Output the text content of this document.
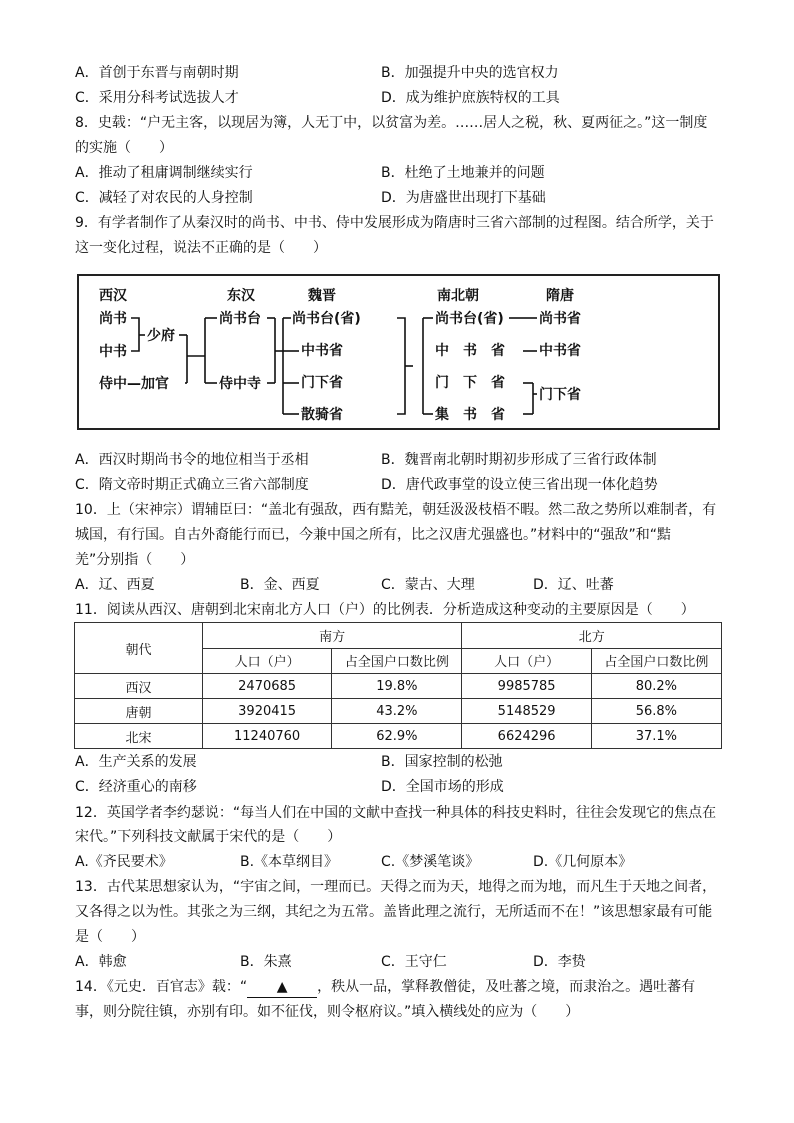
A．首创于东晋与南朝时期	B．加强提升中央的选官权力
C．采用分科考试选拔人才	D．成为维护庶族特权的工具
8．史载：“户无主客，以现居为簿，人无丁中，以贫富为差。……居人之税，秋、夏两征之。”这一制度
的实施（　　）
A．推动了租庸调制继续实行	B．杜绝了土地兼并的问题
C．减轻了对农民的人身控制	D．为唐盛世出现打下基础
9．有学者制作了从秦汉时的尚书、中书、侍中发展形成为隋唐时三省六部制的过程图。结合所学，关于
这一变化过程，说法不正确的是（　　）
西汉	东汉	魏晋	南北朝	隋唐
尚书
中书
侍中—加官
少府
尚书台
侍中寺
尚书台(省)
中书省
门下省
散骑省
尚书台(省)
中　书　省
门　下　省
集　书　省
尚书省
中书省
门下省
A．西汉时期尚书令的地位相当于丞相	B．魏晋南北朝时期初步形成了三省行政体制
C．隋文帝时期正式确立三省六部制度	D．唐代政事堂的设立使三省出现一体化趋势
10．上（宋神宗）谓辅臣曰：“盖北有强敌，西有黠羌，朝廷汲汲枝梧不暇。然二敌之势所以难制者，有
城国，有行国。自古外裔能行而已，今兼中国之所有，比之汉唐尤强盛也。”材料中的“强敌”和“黠
羌”分别指（　　）
A．辽、西夏	B．金、西夏	C．蒙古、大理	D．辽、吐蕃
11．阅读从西汉、唐朝到北宋南北方人口（户）的比例表．分析造成这种变动的主要原因是（　　）
朝代	南方		北方	
	人口（户）	占全国户口数比例	人口（户）	占全国户口数比例
西汉	2470685	19.8%	9985785	80.2%
唐朝	3920415	43.2%	5148529	56.8%
北宋	11240760	62.9%	6624296	37.1%
A．生产关系的发展	B．国家控制的松弛
C．经济重心的南移	D．全国市场的形成
12．英国学者李约瑟说：“每当人们在中国的文献中查找一种具体的科技史料时，往往会发现它的焦点在
宋代。”下列科技文献属于宋代的是（　　）
A.《齐民要术》	B.《本草纲目》	C.《梦溪笔谈》	D.《几何原本》
13．古代某思想家认为，“宇宙之间，一理而已。天得之而为天，地得之而为地，而凡生于天地之间者，
又各得之以为性。其张之为三纲，其纪之为五常。盖皆此理之流行，无所适而不在！”该思想家最有可能
是（　　）
A．韩愈	B．朱熹	C．王守仁	D．李贽
14．《元史．百官志》载：“ ▲ ，秩从一品，掌释教僧徒，及吐蕃之境，而隶治之。遇吐蕃有
事，则分院往镇，亦别有印。如不征伐，则令枢府议。”填入横线处的应为（　　）
